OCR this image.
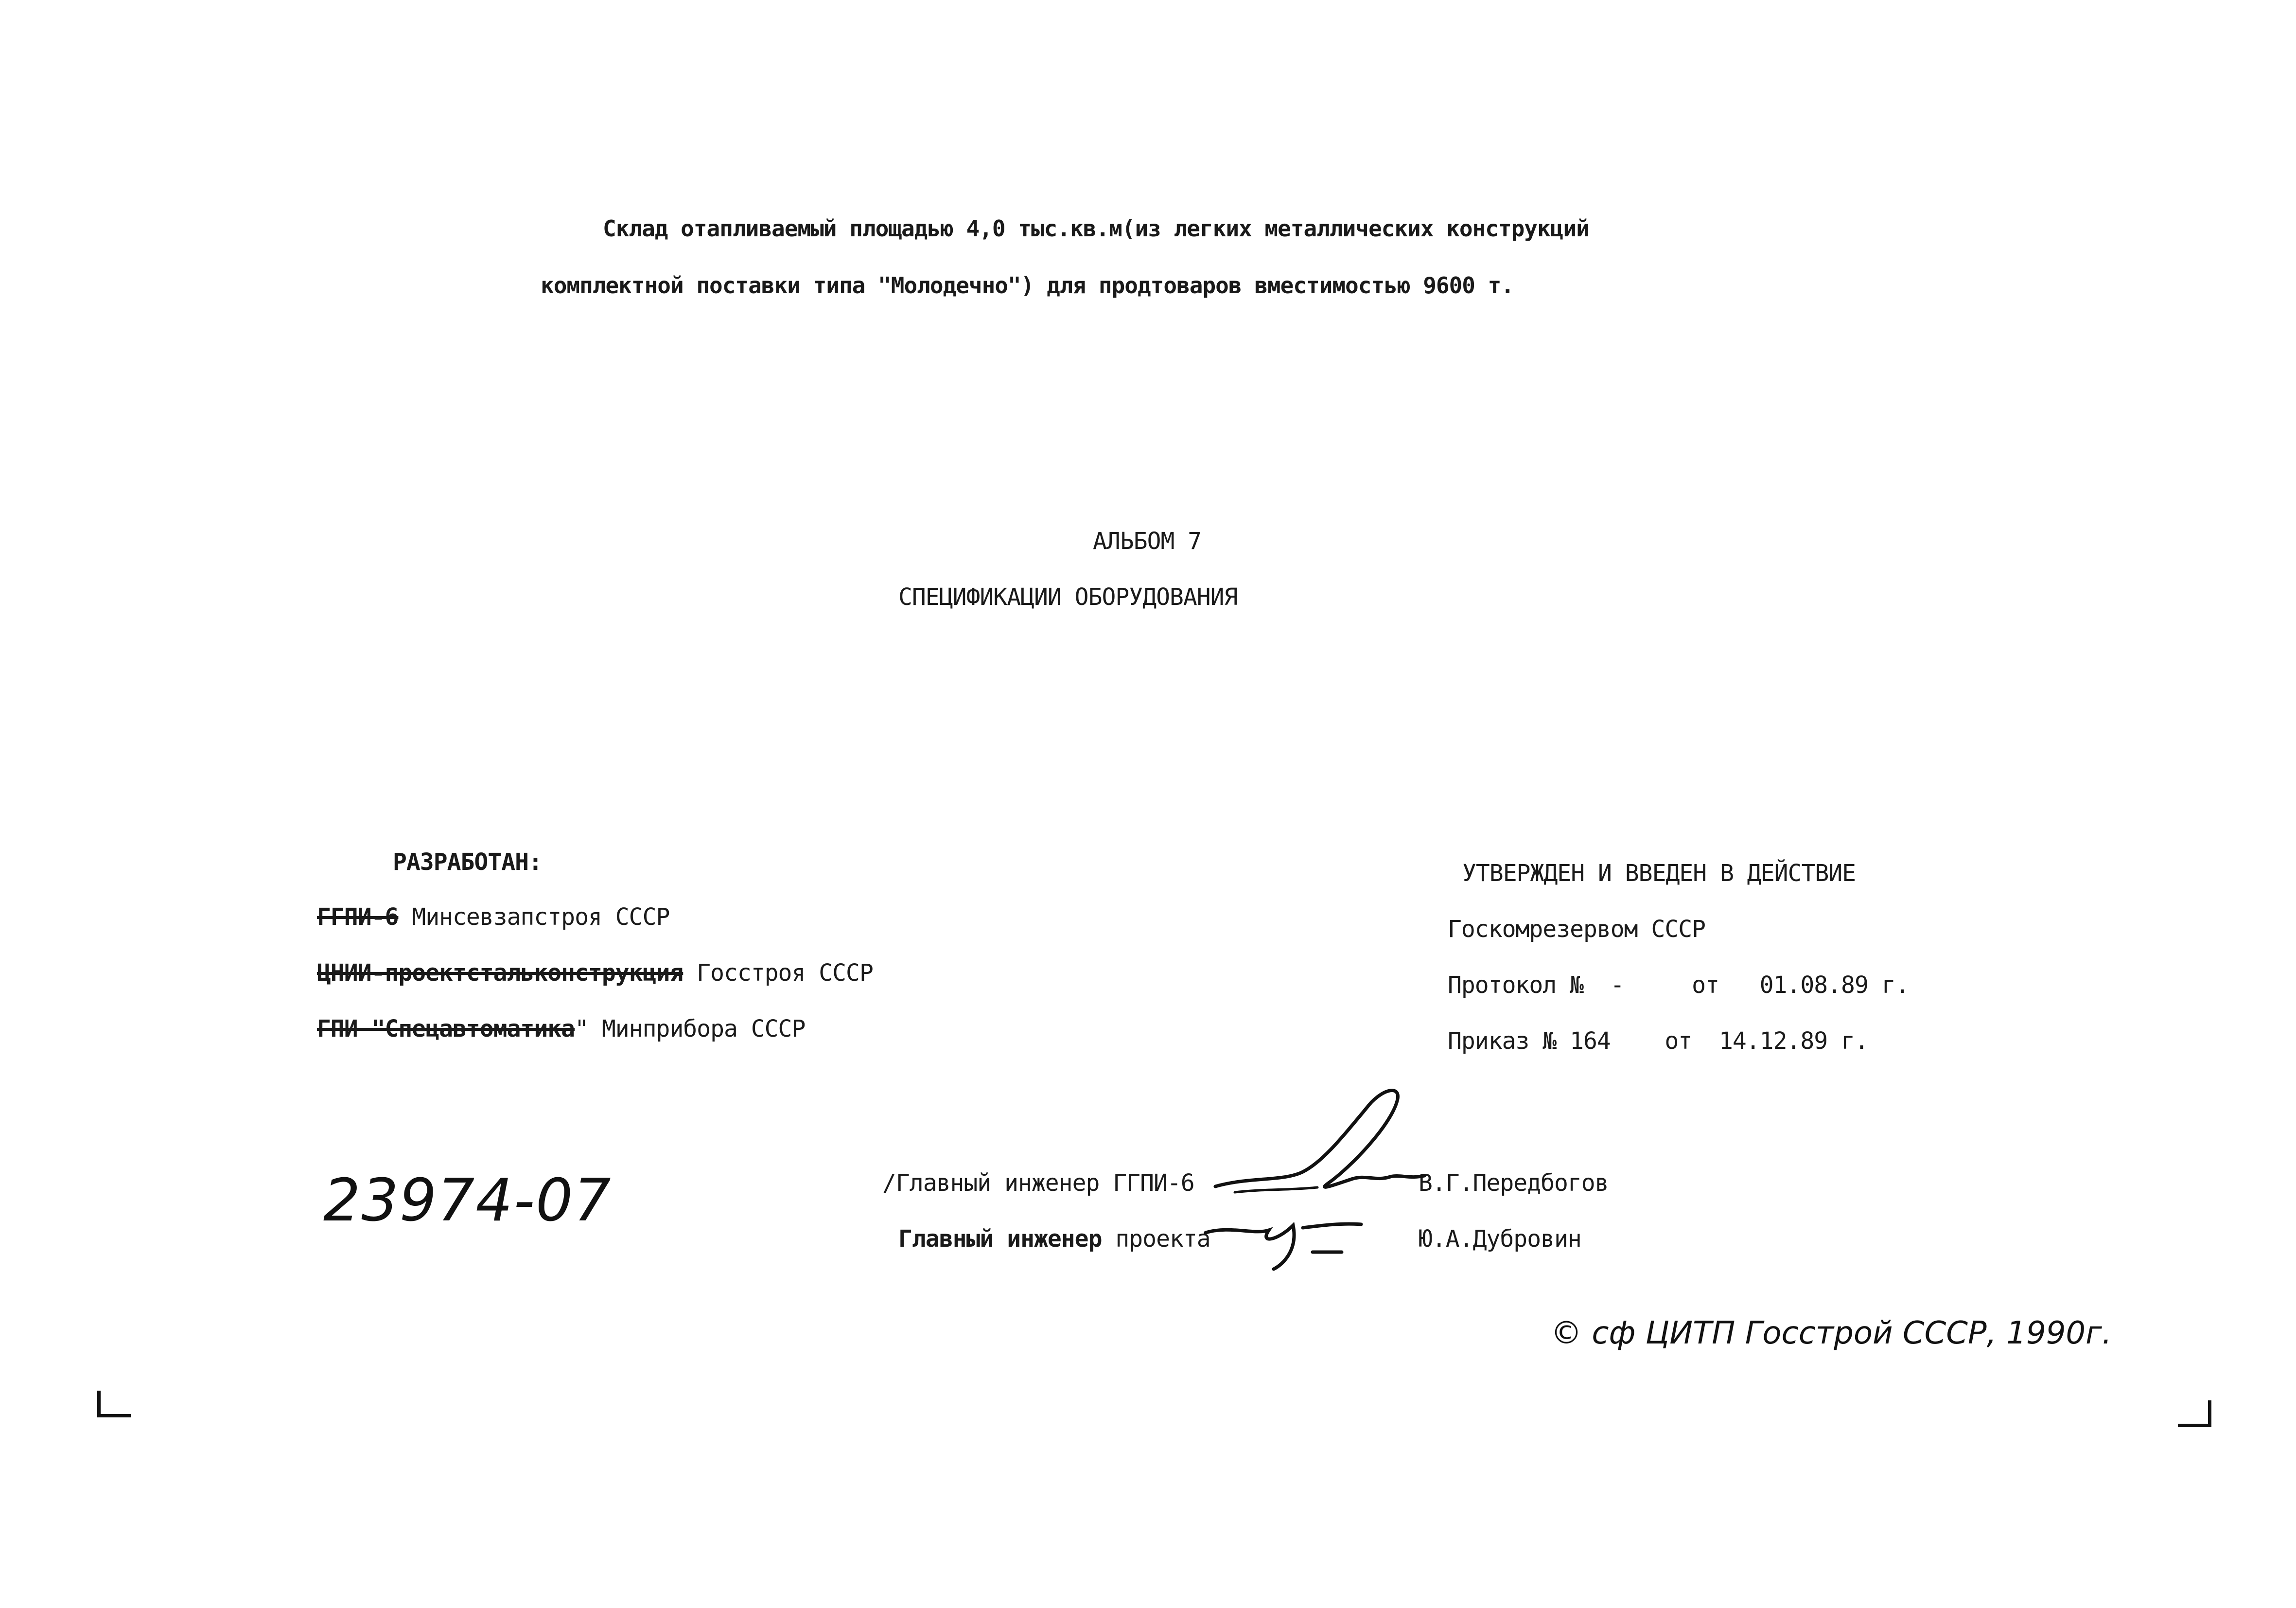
Склад отапливаемый площадью 4,0 тыс.кв.м(из легких металлических конструкций
комплектной поставки типа "Молодечно") для продтоваров вместимостью 9600 т.
АЛЬБОМ 7
СПЕЦИФИКАЦИИ ОБОРУДОВАНИЯ
РАЗРАБОТАН:
ГГПИ-6 Минсевзапстроя СССР
ЦНИИ-проектстальконструкция Госстроя СССР
ГПИ "Спецавтоматика" Минприбора СССР
УТВЕРЖДЕН И ВВЕДЕН В ДЕЙСТВИЕ
Госкомрезервом СССР
Протокол №  -     от   01.08.89 г.
Приказ № 164    от  14.12.89 г.
23974-07	/Главный инженер ГГПИ-6	В.Г.Передбогов
Главный инженер проекта	Ю.А.Дубровин
© сф ЦИТП Госстрой СССР, 1990г.
